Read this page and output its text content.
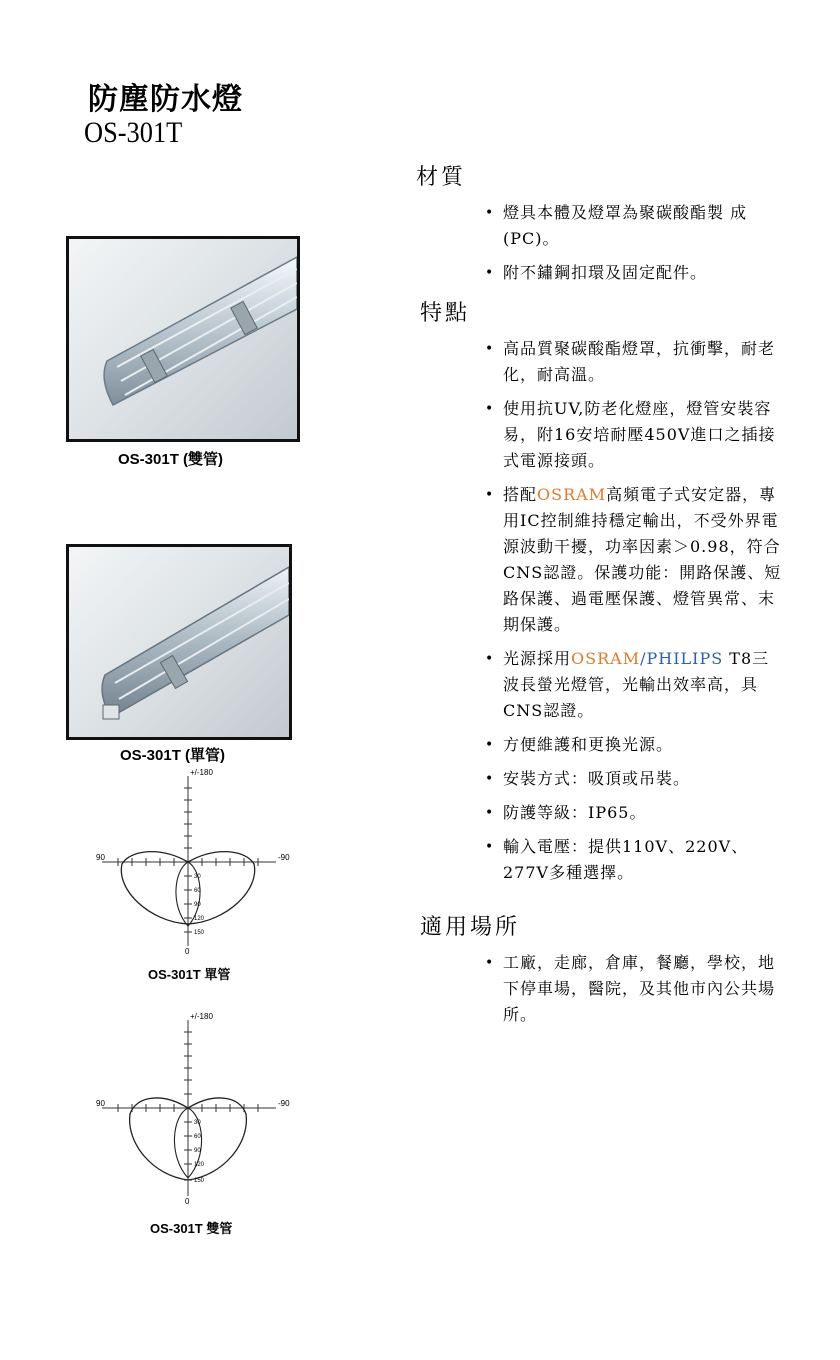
防塵防水燈
OS-301T
OS-301T (雙管)
OS-301T (單管)
+/-180
90	-90
0
30
60
90
120
150
OS-301T 單管
+/-180
90	-90
0
30
60
90
120
150
OS-301T 雙管
材質
• 燈具本體及燈罩為聚碳酸酯製 成(PC)。
• 附不鏽鋼扣環及固定配件。
特點
• 高品質聚碳酸酯燈罩，抗衝擊，耐老化，耐高溫。
• 使用抗UV,防老化燈座，燈管安裝容易，附16安培耐壓450V進口之插接式電源接頭。
• 搭配OSRAM高頻電子式安定器，專用IC控制維持穩定輸出，不受外界電源波動干擾，功率因素＞0.98，符合CNS認證。保護功能：開路保護、短路保護、過電壓保護、燈管異常、末期保護。
• 光源採用OSRAM/PHILIPS T8三波長螢光燈管，光輸出效率高，具CNS認證。
• 方便維護和更換光源。
• 安裝方式：吸頂或吊裝。
• 防護等級：IP65。
• 輸入電壓：提供110V、220V、277V多種選擇。
適用場所
• 工廠，走廊，倉庫，餐廳，學校，地下停車場，醫院，及其他市內公共場所。
